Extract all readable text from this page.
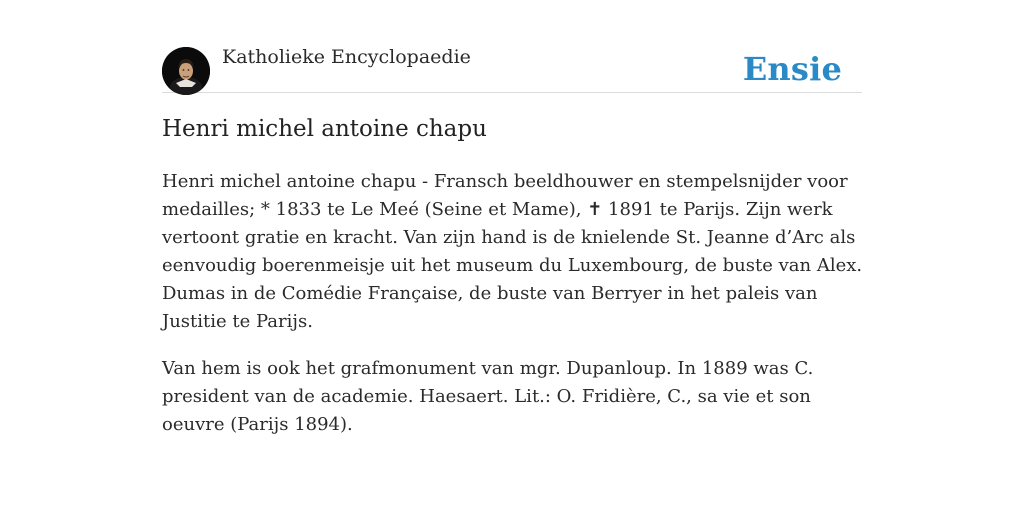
Katholieke Encyclopaedie	Ensie
Henri michel antoine chapu

Henri michel antoine chapu - Fransch beeldhouwer en stempelsnijder voor medailles; * 1833 te Le Meé (Seine et Mame), ✝ 1891 te Parijs. Zijn werk vertoont gratie en kracht. Van zijn hand is de knielende St. Jeanne d’Arc als eenvoudig boerenmeisje uit het museum du Luxembourg, de buste van Alex. Dumas in de Comédie Française, de buste van Berryer in het paleis van Justitie te Parijs.

Van hem is ook het grafmonument van mgr. Dupanloup. In 1889 was C. president van de academie. Haesaert. Lit.: O. Fridière, C., sa vie et son oeuvre (Parijs 1894).
